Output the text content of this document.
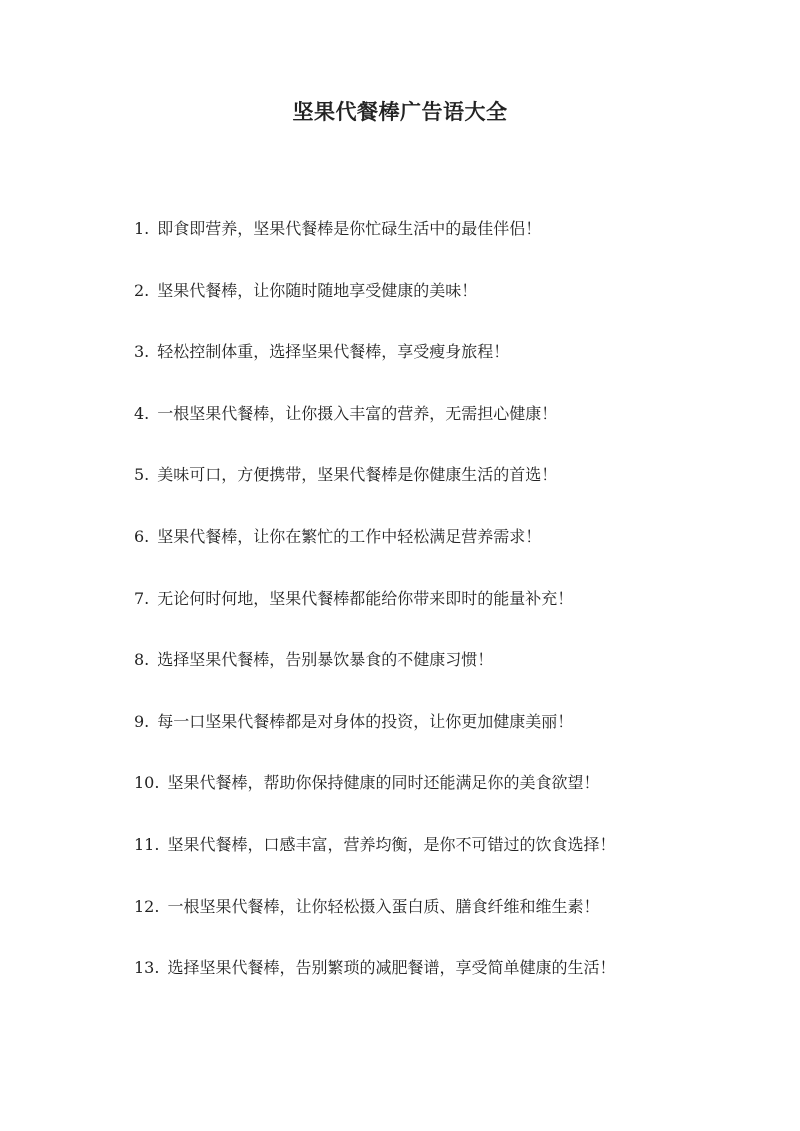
坚果代餐棒广告语大全
1. 即食即营养，坚果代餐棒是你忙碌生活中的最佳伴侣！
2. 坚果代餐棒，让你随时随地享受健康的美味！
3. 轻松控制体重，选择坚果代餐棒，享受瘦身旅程！
4. 一根坚果代餐棒，让你摄入丰富的营养，无需担心健康！
5. 美味可口，方便携带，坚果代餐棒是你健康生活的首选！
6. 坚果代餐棒，让你在繁忙的工作中轻松满足营养需求！
7. 无论何时何地，坚果代餐棒都能给你带来即时的能量补充！
8. 选择坚果代餐棒，告别暴饮暴食的不健康习惯！
9. 每一口坚果代餐棒都是对身体的投资，让你更加健康美丽！
10. 坚果代餐棒，帮助你保持健康的同时还能满足你的美食欲望！
11. 坚果代餐棒，口感丰富，营养均衡，是你不可错过的饮食选择！
12. 一根坚果代餐棒，让你轻松摄入蛋白质、膳食纤维和维生素！
13. 选择坚果代餐棒，告别繁琐的减肥餐谱，享受简单健康的生活！
